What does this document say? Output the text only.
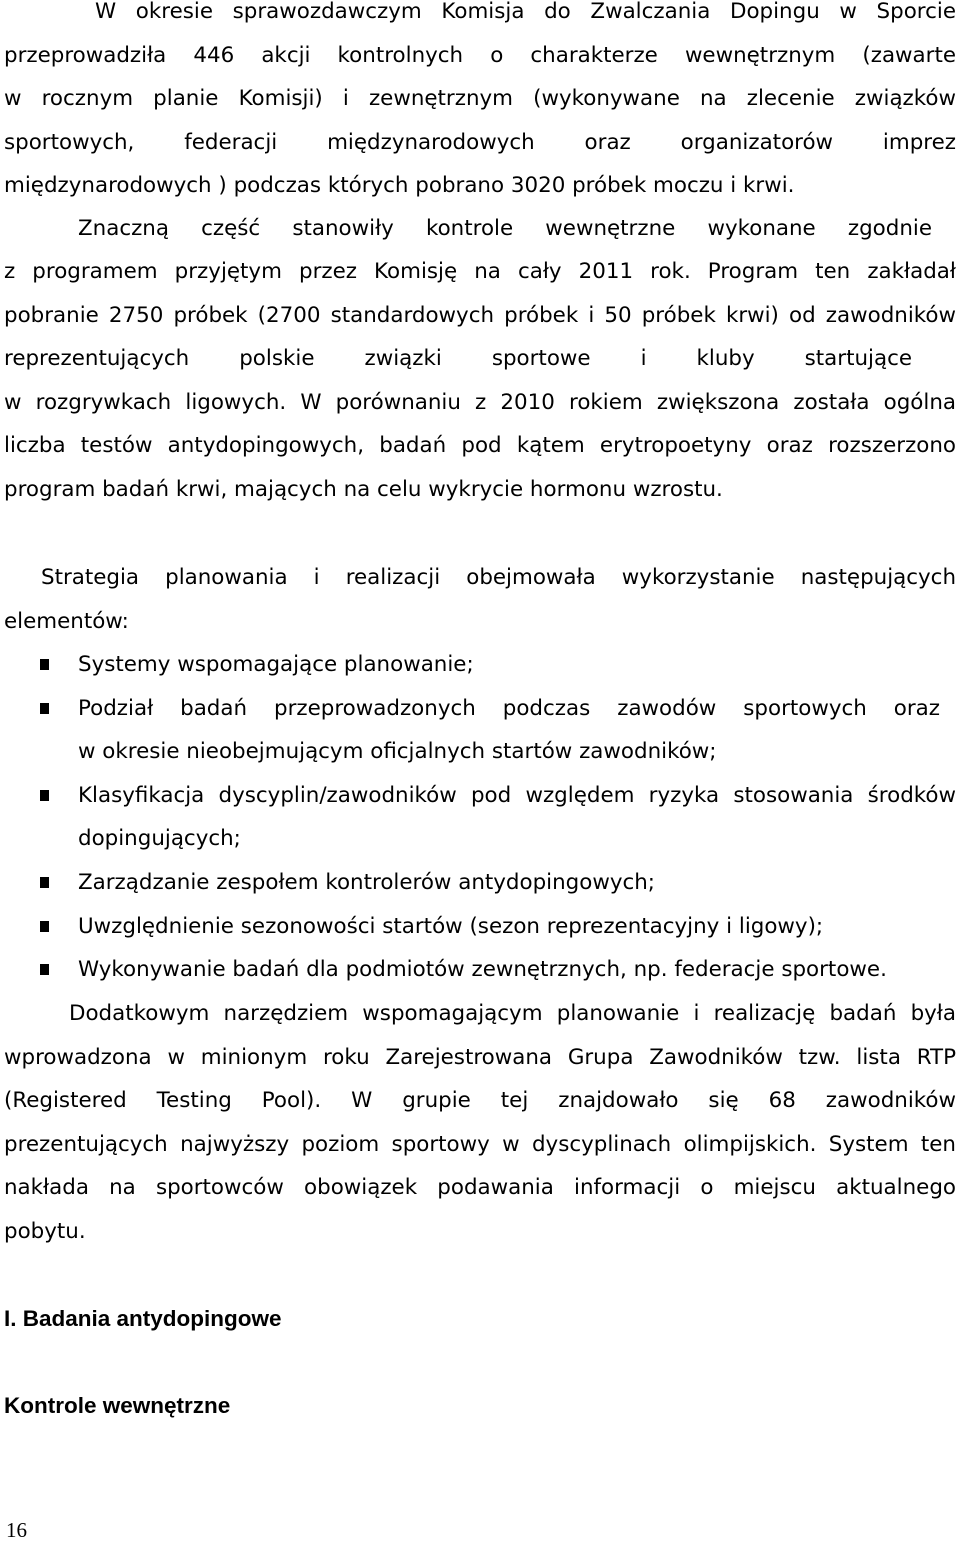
W okresie sprawozdawczym Komisja do Zwalczania Dopingu w Sporcie
przeprowadziła 446 akcji kontrolnych o charakterze wewnętrznym (zawarte
w rocznym planie Komisji) i zewnętrznym (wykonywane na zlecenie związków
sportowych, federacji międzynarodowych oraz organizatorów imprez
międzynarodowych ) podczas których pobrano 3020 próbek moczu i krwi.
Znaczną część stanowiły kontrole wewnętrzne wykonane zgodnie
z programem przyjętym przez Komisję na cały 2011 rok. Program ten zakładał
pobranie 2750 próbek (2700 standardowych próbek i 50 próbek krwi) od zawodników
reprezentujących polskie związki sportowe i kluby startujące
w rozgrywkach ligowych. W porównaniu z 2010 rokiem zwiększona została ogólna
liczba testów antydopingowych, badań pod kątem erytropoetyny oraz rozszerzono
program badań krwi, mających na celu wykrycie hormonu wzrostu.
Strategia planowania i realizacji obejmowała wykorzystanie następujących
elementów:
Systemy wspomagające planowanie;
Podział badań przeprowadzonych podczas zawodów sportowych oraz
w okresie nieobejmującym oficjalnych startów zawodników;
Klasyfikacja dyscyplin/zawodników pod względem ryzyka stosowania środków
dopingujących;
Zarządzanie zespołem kontrolerów antydopingowych;
Uwzględnienie sezonowości startów (sezon reprezentacyjny i ligowy);
Wykonywanie badań dla podmiotów zewnętrznych, np. federacje sportowe.
Dodatkowym narzędziem wspomagającym planowanie i realizację badań była
wprowadzona w minionym roku Zarejestrowana Grupa Zawodników tzw. lista RTP
(Registered Testing Pool). W grupie tej znajdowało się 68 zawodników
prezentujących najwyższy poziom sportowy w dyscyplinach olimpijskich. System ten
nakłada na sportowców obowiązek podawania informacji o miejscu aktualnego
pobytu.
I. Badania antydopingowe
Kontrole wewnętrzne
16
